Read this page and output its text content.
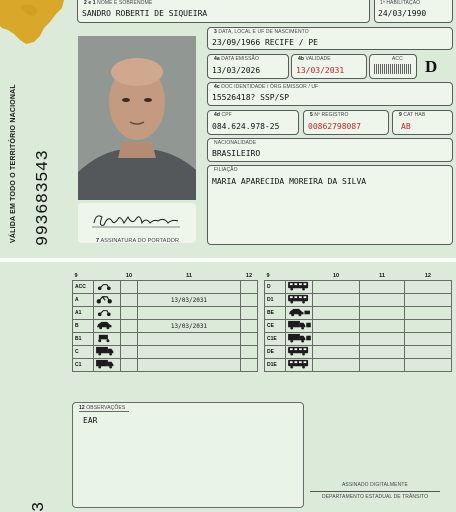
VÁLIDA EM TODO O TERRITÓRIO NACIONAL 993683543
2 e 1 NOME E SOBRENOME
SANDRO ROBERTI DE SIQUEIRA
1ª HABILITAÇÃO
24/03/1990
7 ASSINATURA DO PORTADOR
3 DATA, LOCAL E UF DE NASCIMENTO
23/09/1966 RECIFE / PE
4a DATA EMISSÃO
13/03/2026
4b VALIDADE
13/03/2031
ACC D
4c DOC IDENTIDADE / ÓRG EMISSOR / UF
15526418? SSP/SP
4d CPF
084.624.978-25
5 Nº REGISTRO
00862798087
9 CAT HAB
AB
NACIONALIDADE
BRASILEIRO
FILIAÇÃO
MARIA APARECIDA MOREIRA DA SILVA
3
9		10	11	12
ACC				
A			13/03/2031	
A1				
B			13/03/2031	
B1				
C				
C1				
9		10	11	12
D				
D1				
BE				
CE				
C1E				
DE				
D1E				
12 OBSERVAÇÕES
EAR
ASSINADO DIGITALMENTE
DEPARTAMENTO ESTADUAL DE TRÂNSITO
